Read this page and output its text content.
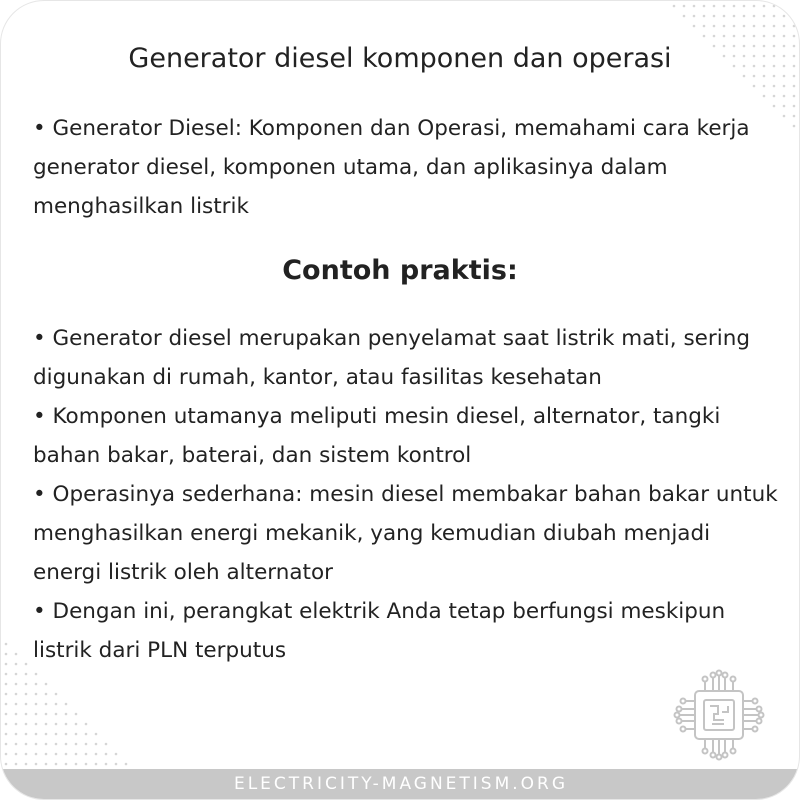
Generator diesel komponen dan operasi

• Generator Diesel: Komponen dan Operasi, memahami cara kerja generator diesel, komponen utama, dan aplikasinya dalam menghasilkan listrik

Contoh praktis:
• Generator diesel merupakan penyelamat saat listrik mati, sering digunakan di rumah, kantor, atau fasilitas kesehatan
• Komponen utamanya meliputi mesin diesel, alternator, tangki bahan bakar, baterai, dan sistem kontrol
• Operasinya sederhana: mesin diesel membakar bahan bakar untuk menghasilkan energi mekanik, yang kemudian diubah menjadi energi listrik oleh alternator
• Dengan ini, perangkat elektrik Anda tetap berfungsi meskipun listrik dari PLN terputus
ELECTRICITY-MAGNETISM.ORG
